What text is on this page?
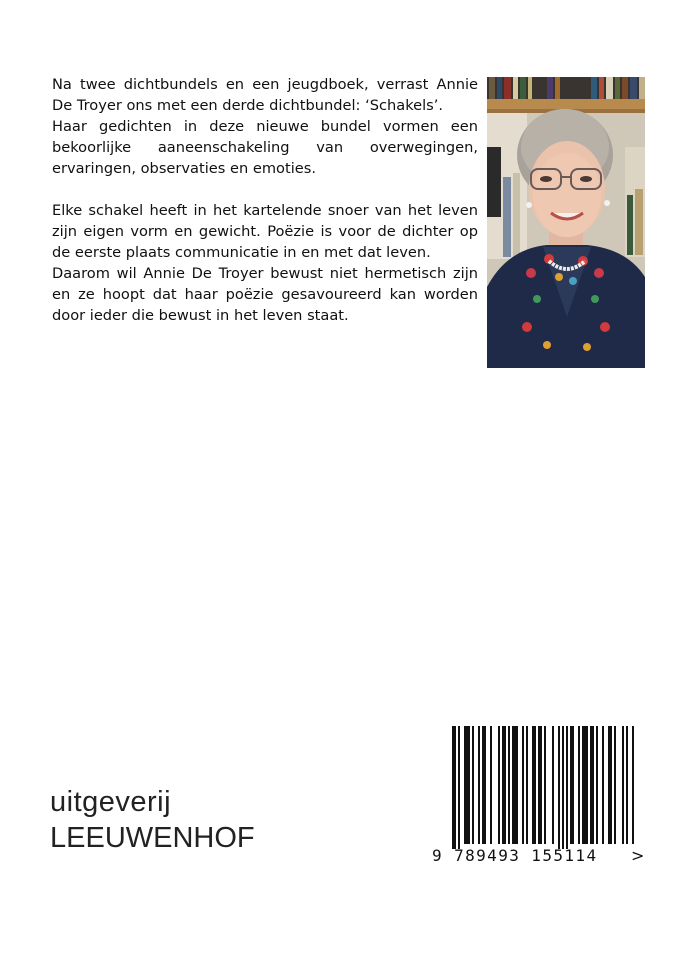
Na twee dichtbundels en een jeugdboek, verrast Annie De Troyer ons met een derde dichtbundel: ‘Schakels’.

Haar gedichten in deze nieuwe bundel vormen een bekoorlijke aaneenschakeling van overwegingen, ervaringen, observaties en emoties.

Elke schakel heeft in het kartelende snoer van het leven zijn eigen vorm en gewicht. Poëzie is voor de dichter op de eerste plaats communicatie in en met dat leven.

Daarom wil Annie De Troyer bewust niet hermetisch zijn en ze hoopt dat haar poëzie gesavoureerd kan worden door ieder die bewust in het leven staat.

uitgeverij
LEEUWENHOF
9 789493 155114 >
